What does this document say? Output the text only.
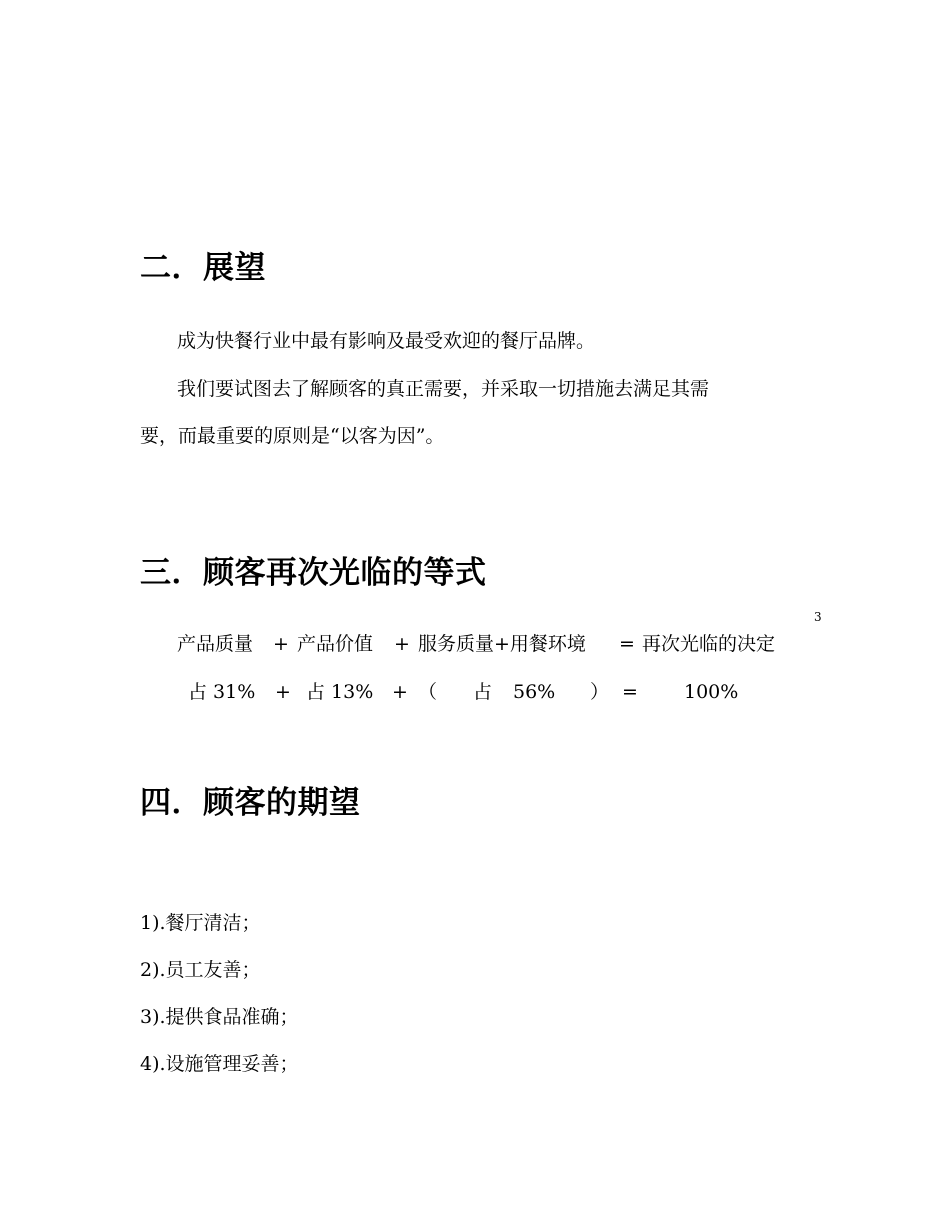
二．展望
成为快餐行业中最有影响及最受欢迎的餐厅品牌。
我们要试图去了解顾客的真正需要，并采取一切措施去满足其需
要，而最重要的原则是“以客为因”。
三．顾客再次光临的等式
3
产品质量 + 产品价值 + 服务质量+用餐环境 = 再次光临的决定
占 31% + 占 13% + （ 占 56% ） = 100%
四．顾客的期望
1).餐厅清洁；
2).员工友善；
3).提供食品准确；
4).设施管理妥善；
